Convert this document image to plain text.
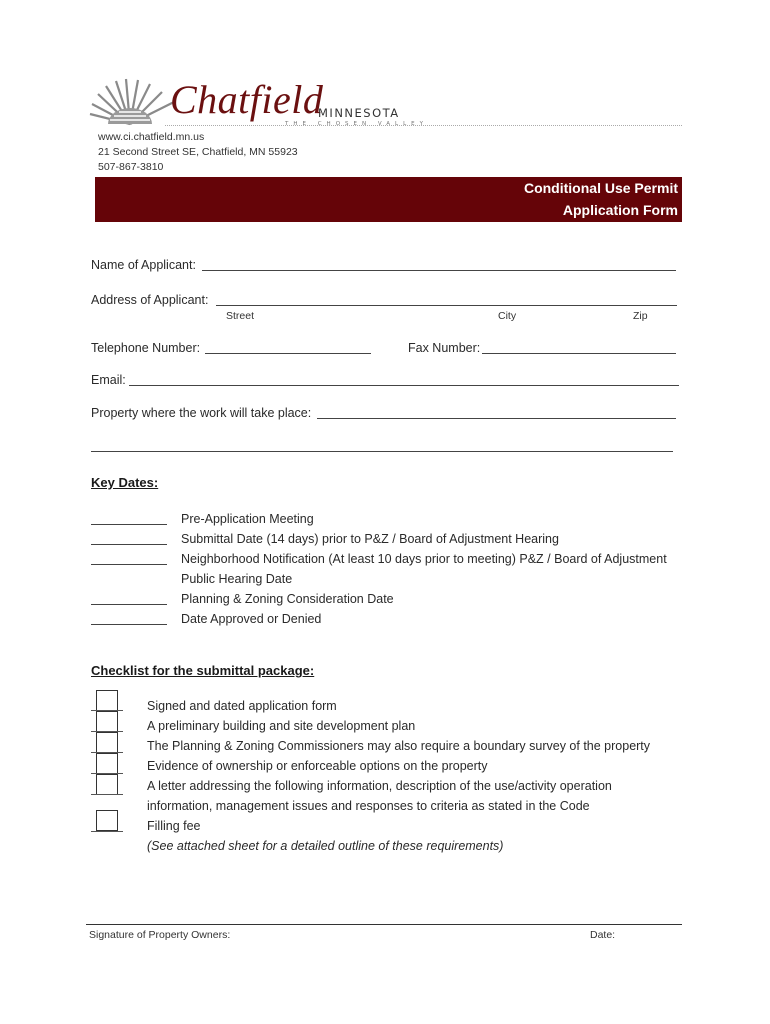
Chatfield
MINNESOTA
THE CHOSEN VALLEY
www.ci.chatfield.mn.us
21 Second Street SE, Chatfield, MN 55923
507-867-3810
Conditional Use Permit
Application Form
Name of Applicant:
Address of Applicant:
Street	City	Zip
Telephone Number:	Fax Number:
Email:
Property where the work will take place:
Key Dates:
Pre-Application Meeting
Submittal Date (14 days) prior to P&Z / Board of Adjustment Hearing
Neighborhood Notification (At least 10 days prior to meeting) P&Z / Board of Adjustment
Public Hearing Date
Planning & Zoning Consideration Date
Date Approved or Denied
Checklist for the submittal package:
Signed and dated application form
A preliminary building and site development plan
The Planning & Zoning Commissioners may also require a boundary survey of the property
Evidence of ownership or enforceable options on the property
A letter addressing the following information, description of the use/activity operation
information, management issues and responses to criteria as stated in the Code
Filling fee
(See attached sheet for a detailed outline of these requirements)
Signature of Property Owners:	Date:
